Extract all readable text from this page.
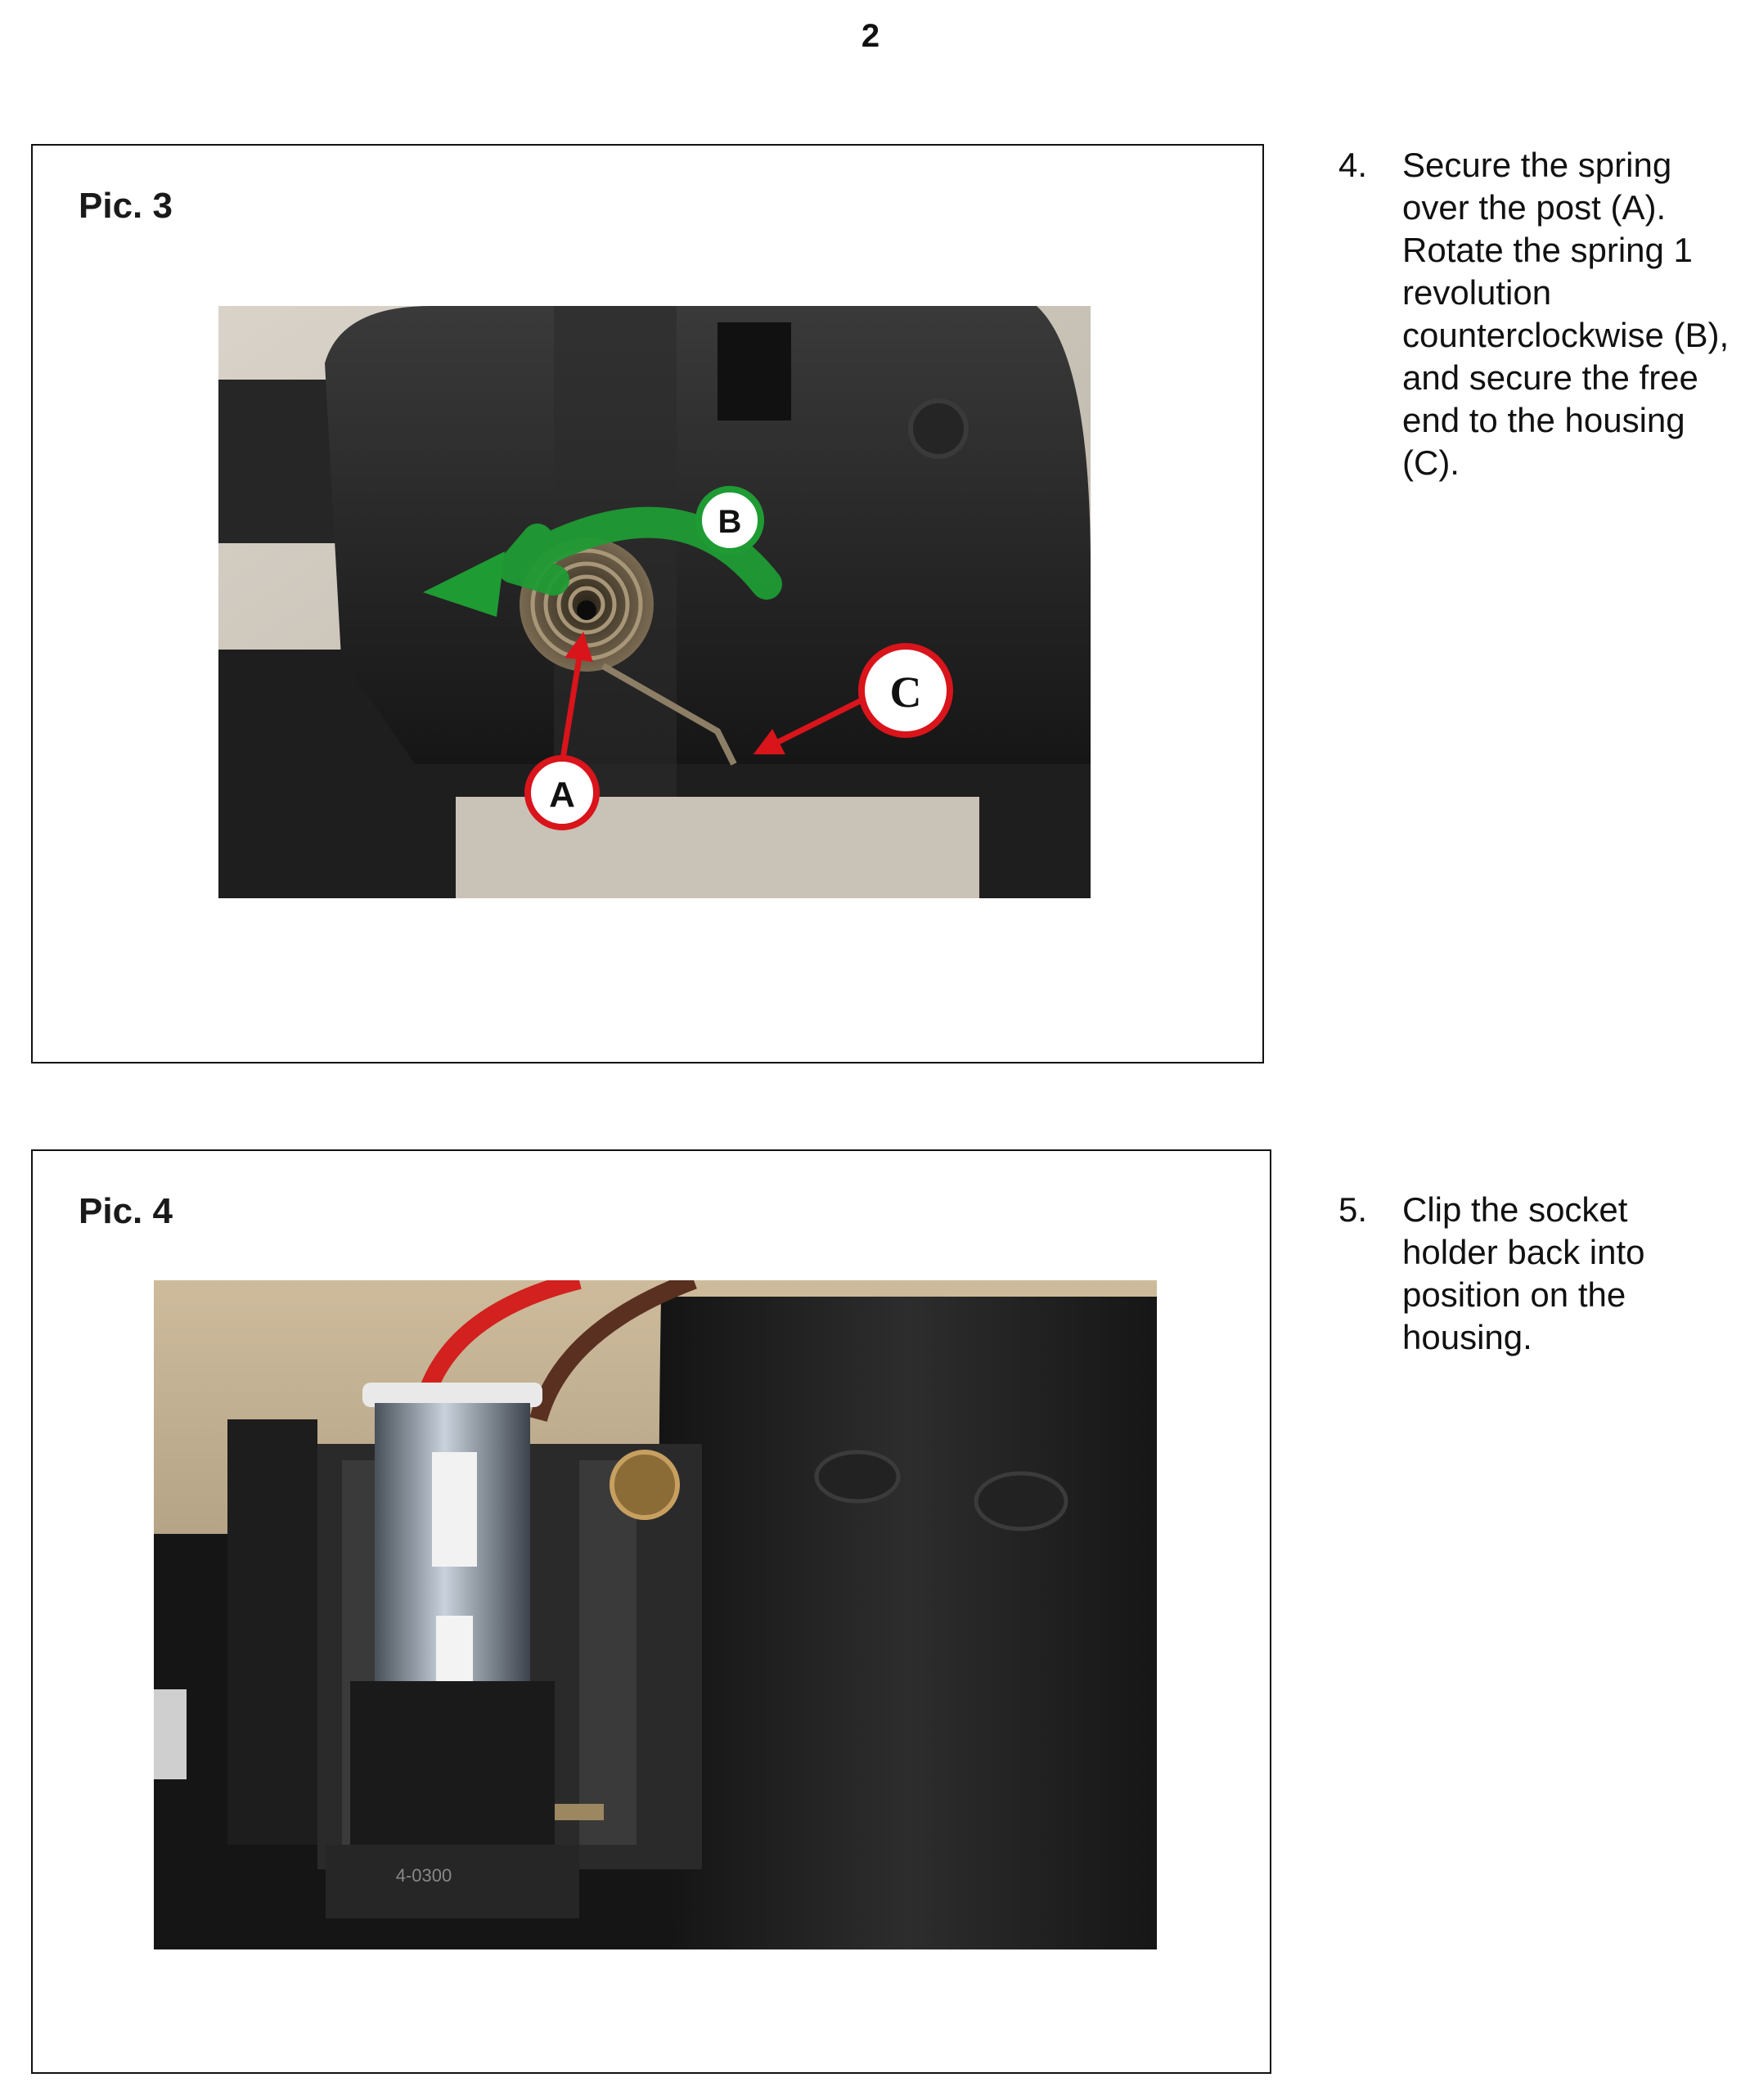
2
Pic. 3
B
C
A
Pic. 4
4-0300
4.	Secure the spring over the post (A). Rotate the spring 1 revolution counterclockwise (B), and secure the free end to the housing (C).
5.	Clip the socket holder back into position on the housing.
